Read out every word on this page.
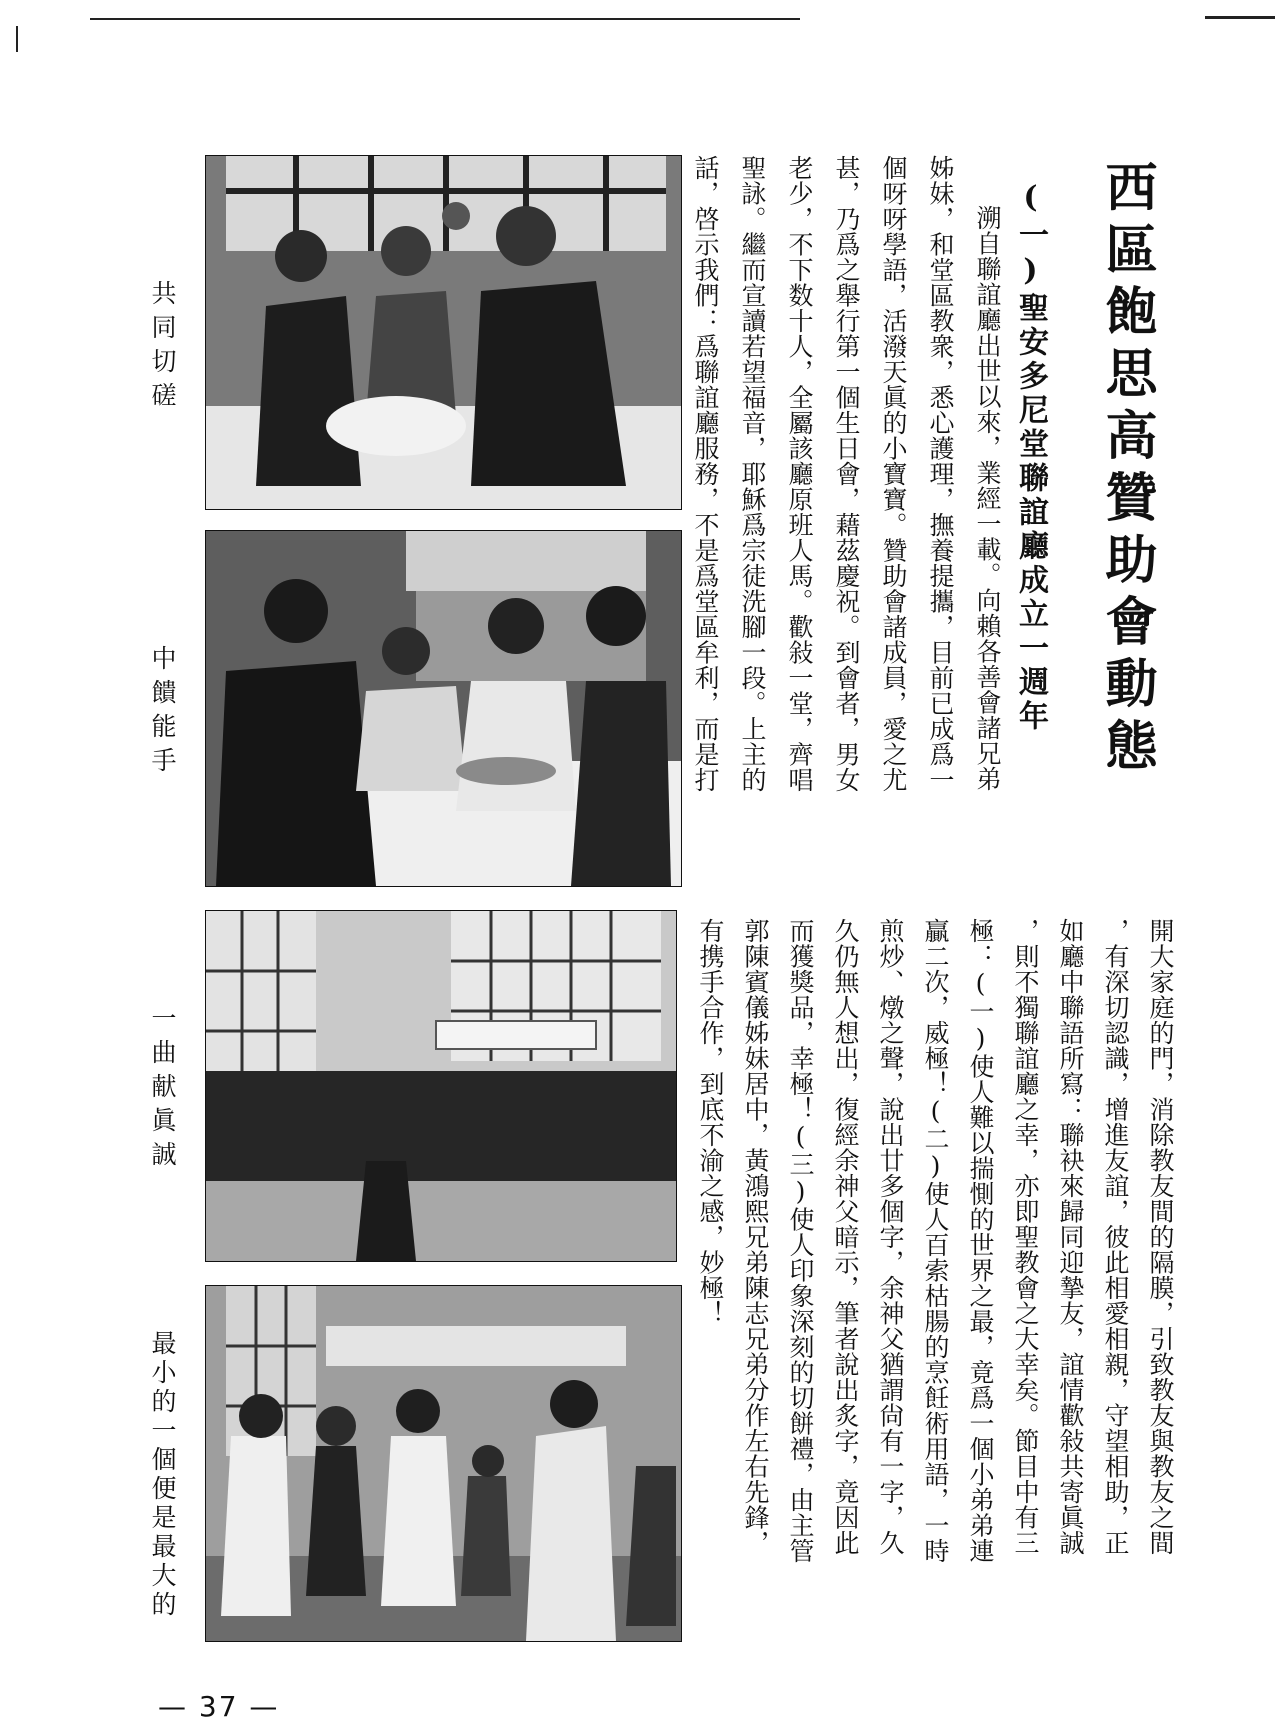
西區飽思高贊助會動態
(一)聖安多尼堂聯誼廳成立一週年
溯自聯誼廳出世以來，業經一載。向賴各善會諸兄弟
姊妹，和堂區教衆，悉心護理，撫養提攜，目前已成爲一
個呀呀學語，活潑天眞的小寶寶。贊助會諸成員，愛之尤
甚，乃爲之舉行第一個生日會，藉茲慶祝。到會者，男女
老少，不下数十人，全屬該廳原班人馬。歡敍一堂，齊唱
聖詠。繼而宣讀若望福音，耶穌爲宗徒洗腳一段。上主的
話，啓示我們：爲聯誼廳服務，不是爲堂區牟利，而是打
開大家庭的門，消除教友間的隔膜，引致教友與教友之間
，有深切認識，增進友誼，彼此相愛相親，守望相助，正
如廳中聯語所寫：聯袂來歸同迎摯友，誼情歡敍共寄眞誠
，則不獨聯誼廳之幸，亦即聖教會之大幸矣。節目中有三
極：(一)使人難以揣惻的世界之最，竟爲一個小弟弟連
贏二次，威極！(二)使人百索枯腸的烹飪術用語，一時
煎炒、燉之聲，說出廿多個字，余神父猶謂尙有一字，久
久仍無人想出，復經余神父暗示，筆者說出炙字，竟因此
而獲獎品，幸極！(三)使人印象深刻的切餅禮，由主管
郭陳賓儀姊妹居中，黃鴻熙兄弟陳志兄弟分作左右先鋒，
有携手合作，到底不渝之感，妙極！
共同切磋
中饋能手
一曲献眞誠
最小的一個便是最大的
— 37 —
